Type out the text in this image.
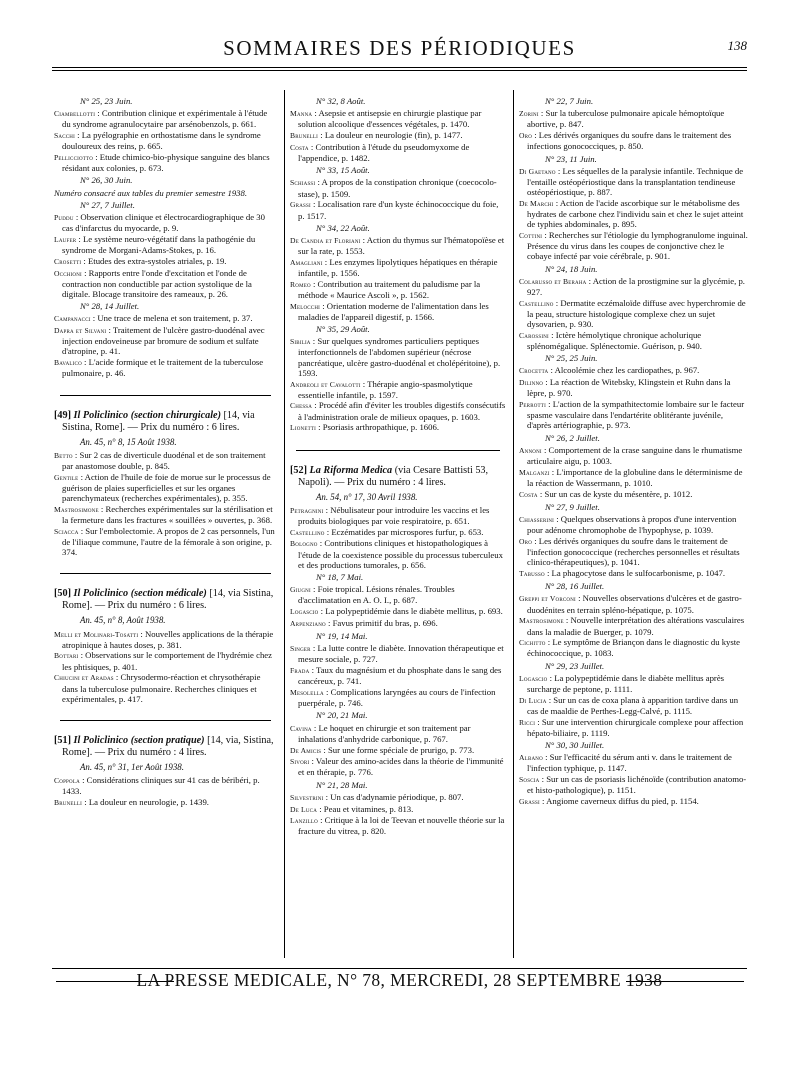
SOMMAIRES DES PÉRIODIQUES	138
N° 25, 23 Juin.
Ciambellotti : Contribution clinique et expérimentale à l'étude du syndrome agranulocytaire par arsénobenzols, p. 661.
Sacchi : La pyélographie en orthostatisme dans le syndrome douloureux des reins, p. 665.
Pellicciotto : Etude chimico-bio-physique sanguine des blancs résidant aux colonies, p. 673.
N° 26, 30 Juin.
Numéro consacré aux tables du premier semestre 1938.
N° 27, 7 Juillet.
Puddu : Observation clinique et électrocardiographique de 30 cas d'infarctus du myocarde, p. 9.
Laufer : Le système neuro-végétatif dans la pathogénie du syndrome de Morgani-Adams-Stokes, p. 16.
Crosetti : Etudes des extra-systoles atriales, p. 19.
Occhioni : Rapports entre l'onde d'excitation et l'onde de contraction non conductible par action systolique de la digitale. Blocage transitoire des rameaux, p. 26.
N° 28, 14 Juillet.
Campanacci : Une trace de melena et son traitement, p. 37.
Dapra et Silvani : Traitement de l'ulcère gastro-duodénal avec injection endoveineuse par bromure de sodium et sulfate d'atropine, p. 41.
Bavalico : L'acide formique et le traitement de la tuberculose pulmonaire, p. 46.
[49] Il Policlinico (section chirurgicale) [14, via Sistina, Rome]. — Prix du numéro : 6 lires.
An. 45, n° 8, 15 Août 1938.
Betto : Sur 2 cas de diverticule duodénal et de son traitement par anastomose double, p. 845.
Gentile : Action de l'huile de foie de morue sur le processus de guérison de plaies superficielles et sur les organes parenchymateux (recherches expérimentales), p. 355.
Mastrosimone : Recherches expérimentales sur la stérilisation et la fermeture dans les fractures « souillées » ouvertes, p. 368.
Sciacca : Sur l'embolectomie. A propos de 2 cas personnels, l'un de l'iliaque commune, l'autre de la fémorale à son origine, p. 374.
[50] Il Policlinico (section médicale) [14, via Sistina, Rome]. — Prix du numéro : 6 lires.
An. 45, n° 8, Août 1938.
Melli et Molinari-Tosatti : Nouvelles applications de la thérapie atropinique à hautes doses, p. 381.
Bottari : Observations sur le comportement de l'hydrémie chez les phtisiques, p. 401.
Chiucini et Aradas : Chrysodermo-réaction et chrysothérapie dans la tuberculose pulmonaire. Recherches cliniques et expérimentales, p. 417.
[51] Il Policlinico (section pratique) [14, via, Sistina, Rome]. — Prix du numéro : 4 lires.
An. 45, n° 31, 1er Août 1938.
Coppola : Considérations cliniques sur 41 cas de béribéri, p. 1433.
Brunelli : La douleur en neurologie, p. 1439.
N° 32, 8 Août.
Manna : Asepsie et antisepsie en chirurgie plastique par solution alcoolique d'essences végétales, p. 1470.
Brunelli : La douleur en neurologie (fin), p. 1477.
Costa : Contribution à l'étude du pseudomyxome de l'appendice, p. 1482.
N° 33, 15 Août.
Schiassi : A propos de la constipation chronique (coecocolo-stase), p. 1509.
Grassi : Localisation rare d'un kyste échinococcique du foie, p. 1517.
N° 34, 22 Août.
De Candia et Floriani : Action du thymus sur l'hématopoïèse et sur la rate, p. 1553.
Amagliani : Les enzymes lipolytiques hépatiques en thérapie infantile, p. 1556.
Romeo : Contribution au traitement du paludisme par la méthode « Maurice Ascoli », p. 1562.
Melocchi : Orientation moderne de l'alimentation dans les maladies de l'appareil digestif, p. 1566.
N° 35, 29 Août.
Sibilia : Sur quelques syndromes particuliers peptiques interfonctionnels de l'abdomen supérieur (nécrose pancréatique, ulcère gastro-duodénal et cholépéritoine), p. 1593.
Andreoli et Cavalotti : Thérapie angio-spasmolytique essentielle infantile, p. 1597.
Chessa : Procédé afin d'éviter les troubles digestifs consécutifs à l'administration orale de milieux opaques, p. 1603.
Lionetti : Psoriasis arthropathique, p. 1606.
[52] La Riforma Medica (via Cesare Battisti 53, Napoli). — Prix du numéro : 4 lires.
An. 54, n° 17, 30 Avril 1938.
Petragnini : Nébulisateur pour introduire les vaccins et les produits biologiques par voie respiratoire, p. 651.
Castellino : Eczématides par microspores furfur, p. 653.
Bologno : Contributions cliniques et histopathologiques à l'étude de la coexistence possible du processus tuberculeux et des productions tumorales, p. 656.
N° 18, 7 Mai.
Giugni : Foie tropical. Lésions rénales. Troubles d'acclimatation en A. O. I., p. 687.
Logascio : La polypeptidémie dans le diabète mellitus, p. 693.
Arpenziano : Favus primitif du bras, p. 696.
N° 19, 14 Mai.
Singer : La lutte contre le diabète. Innovation thérapeutique et mesure sociale, p. 727.
Frada : Taux du magnésium et du phosphate dans le sang des cancéreux, p. 741.
Mesolella : Complications laryngées au cours de l'infection puerpérale, p. 746.
N° 20, 21 Mai.
Cavina : Le hoquet en chirurgie et son traitement par inhalations d'anhydride carbonique, p. 767.
De Amicis : Sur une forme spéciale de prurigo, p. 773.
Sivori : Valeur des amino-acides dans la théorie de l'immunité et en thérapie, p. 776.
N° 21, 28 Mai.
Silvestrini : Un cas d'adynamie périodique, p. 807.
De Luca : Peau et vitamines, p. 813.
Lanzillo : Critique à la loi de Teevan et nouvelle théorie sur la fracture du vitrea, p. 820.
N° 22, 7 Juin.
Zorini : Sur la tuberculose pulmonaire apicale hémoptoïque abortive, p. 847.
Oro : Les dérivés organiques du soufre dans le traitement des infections gonococciques, p. 850.
N° 23, 11 Juin.
Di Gaetano : Les séquelles de la paralysie infantile. Technique de l'entaille ostéopériostique dans la transplantation tendineuse ostéopériostique, p. 887.
De Marchi : Action de l'acide ascorbique sur le métabolisme des hydrates de carbone chez l'individu sain et chez le sujet atteint de typhies abdominales, p. 895.
Cottini : Recherches sur l'étiologie du lymphogranulome inguinal. Présence du virus dans les coupes de conjonctive chez le cobaye infecté par voie cérébrale, p. 901.
N° 24, 18 Juin.
Colarusso et Beraha : Action de la prostigmine sur la glycémie, p. 927.
Castellino : Dermatite eczémaloïde diffuse avec hyperchromie de la peau, structure histologique complexe chez un sujet dysovarien, p. 930.
Carossini : Ictère hémolytique chronique acholurique splénomégalique. Splénectomie. Guérison, p. 940.
N° 25, 25 Juin.
Crocetta : Alcoolémie chez les cardiopathes, p. 967.
Dilinno : La réaction de Witebsky, Klingstein et Ruhn dans la lèpre, p. 970.
Perrotti : L'action de la sympathitectomie lombaire sur le facteur spasme vasculaire dans l'endartérite oblitérante juvénile, d'après artériographie, p. 973.
N° 26, 2 Juillet.
Annoni : Comportement de la crase sanguine dans le rhumatisme articulaire aigu, p. 1003.
Malganzi : L'importance de la globuline dans le déterminisme de la réaction de Wassermann, p. 1010.
Costa : Sur un cas de kyste du mésentère, p. 1012.
N° 27, 9 Juillet.
Chiasserini : Quelques observations à propos d'une intervention pour adénome chromophobe de l'hypophyse, p. 1039.
Oro : Les dérivés organiques du soufre dans le traitement de l'infection gonococcique (recherches personnelles et résultats clinico-thérapeutiques), p. 1041.
Tabusso : La phagocytose dans le sulfocarbonisme, p. 1047.
N° 28, 16 Juillet.
Greppi et Vorconi : Nouvelles observations d'ulcères et de gastro-duodénites en terrain spléno-hépatique, p. 1075.
Mastrosimone : Nouvelle interprétation des altérations vasculaires dans la maladie de Buerger, p. 1079.
Cichitto : Le symptôme de Briançon dans le diagnostic du kyste échinococcique, p. 1083.
N° 29, 23 Juillet.
Logascio : La polypeptidémie dans le diabète mellitus après surcharge de peptone, p. 1111.
Di Lucia : Sur un cas de coxa plana à apparition tardive dans un cas de maaldie de Perthes-Legg-Calvé, p. 1115.
Ricci : Sur une intervention chirurgicale complexe pour affection hépato-biliaire, p. 1119.
N° 30, 30 Juillet.
Albano : Sur l'efficacité du sérum anti v. dans le traitement de l'infection typhique, p. 1147.
Soscia : Sur un cas de psoriasis lichénoïde (contribution anatomo- et histo-pathologique), p. 1151.
Grassi : Angiome caverneux diffus du pied, p. 1154.
LA PRESSE MEDICALE, N° 78, MERCREDI, 28 SEPTEMBRE 1938
